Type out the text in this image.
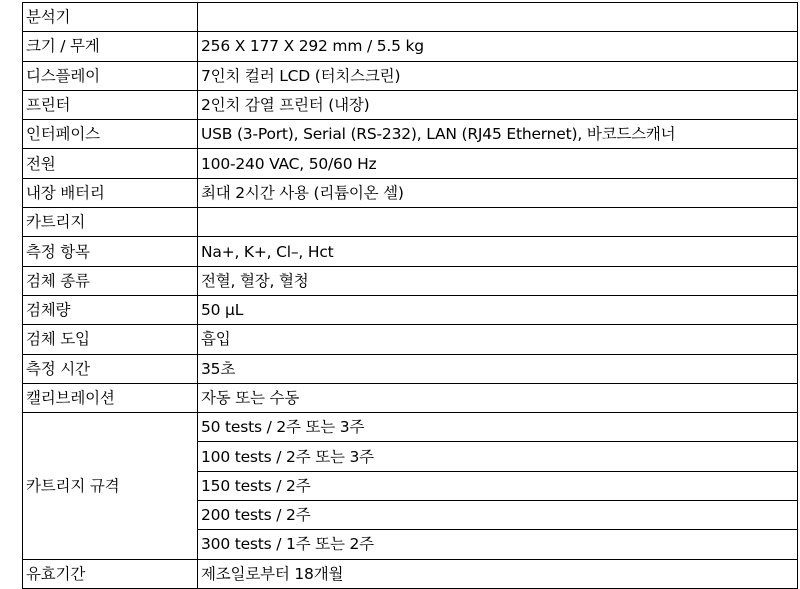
분석기	
크기 / 무게	256 X 177 X 292 mm / 5.5 kg
디스플레이	7인치 컬러 LCD (터치스크린)
프린터	2인치 감열 프린터 (내장)
인터페이스	USB (3-Port), Serial (RS-232), LAN (RJ45 Ethernet), 바코드스캐너
전원	100-240 VAC, 50/60 Hz
내장 배터리	최대 2시간 사용 (리튬이온 셀)
카트리지	
측정 항목	Na+, K+, Cl–, Hct
검체 종류	전혈, 혈장, 혈청
검체량	50 µL
검체 도입	흡입
측정 시간	35초
캘리브레이션	자동 또는 수동
카트리지 규격	50 tests / 2주 또는 3주
	100 tests / 2주 또는 3주
	150 tests / 2주
	200 tests / 2주
	300 tests / 1주 또는 2주
유효기간	제조일로부터 18개월
